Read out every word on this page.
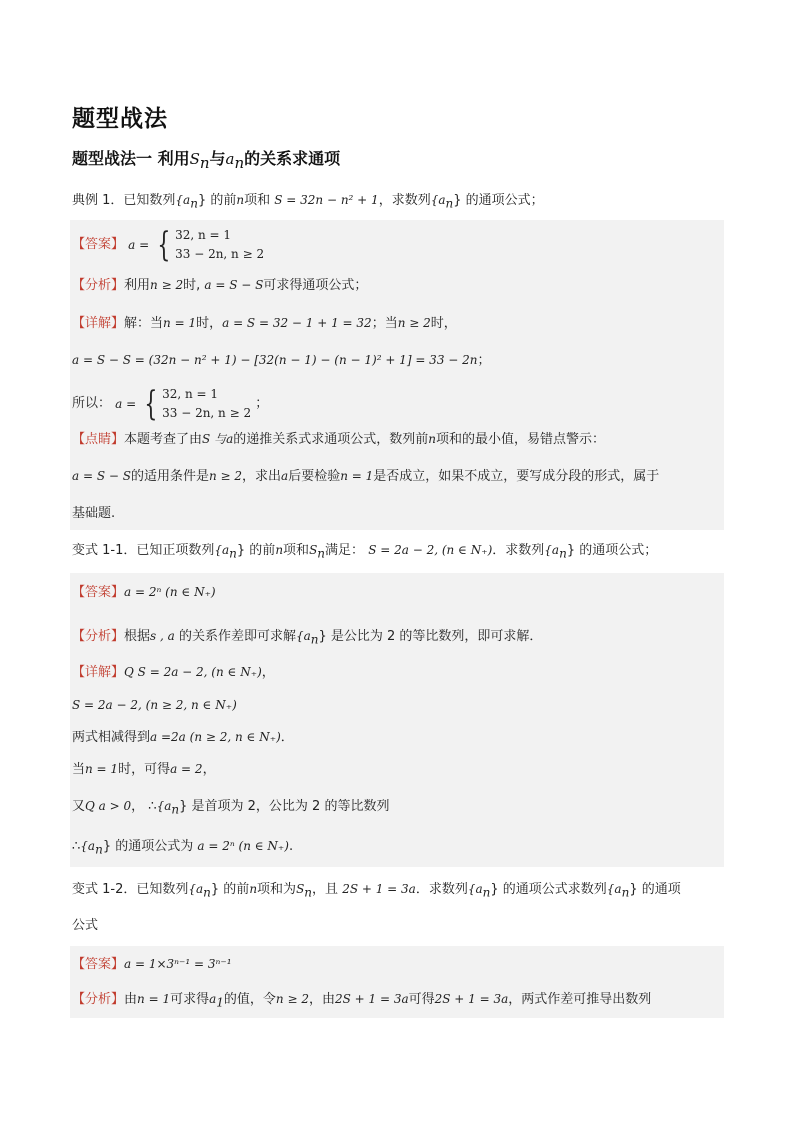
题型战法
题型战法一 利用$S_n$与$a_n$的关系求通项
典例 1．已知数列$\{a_n\}$ 的前n项和 S = 32n − n² + 1，求数列$\{a_n\}$ 的通项公式；
【答案】 a = { 32, n = 1
33 − 2n, n ≥ 2
【分析】利用n ≥ 2时, a = S − S可求得通项公式；
【详解】解：当n = 1时，a = S = 32 − 1 + 1 = 32；当n ≥ 2时，
a = S − S = (32n − n² + 1) − [32(n − 1) − (n − 1)² + 1] = 33 − 2n；
所以： a = { 32, n = 1
33 − 2n, n ≥ 2 ；
【点睛】本题考查了由S 与a的递推关系式求通项公式，数列前n项和的最小值，易错点警示：
a = S − S的适用条件是n ≥ 2，求出a后要检验n = 1是否成立，如果不成立，要写成分段的形式，属于
基础题.
变式 1-1．已知正项数列$\{a_n\}$ 的前n项和$S_n$满足： S = 2a − 2, (n ∈ N₊)．求数列$\{a_n\}$ 的通项公式；
【答案】a = 2ⁿ (n ∈ N₊)
【分析】根据s , a 的关系作差即可求解$\{a_n\}$ 是公比为 2 的等比数列，即可求解．
【详解】Q S = 2a − 2, (n ∈ N₊)，
S = 2a − 2, (n ≥ 2, n ∈ N₊)
两式相减得到a =2a (n ≥ 2, n ∈ N₊)．
当n = 1时，可得a = 2，
又Q a > 0， $\therefore\{a_n\}$ 是首项为 2，公比为 2 的等比数列
$\therefore\{a_n\}$ 的通项公式为 a = 2ⁿ (n ∈ N₊).
变式 1-2．已知数列$\{a_n\}$ 的前n项和为$S_n$，且 2S + 1 = 3a．求数列$\{a_n\}$ 的通项公式求数列$\{a_n\}$ 的通项
公式
【答案】a = 1×3ⁿ⁻¹ = 3ⁿ⁻¹
【分析】由n = 1可求得$a_1$的值，令n ≥ 2，由2S + 1 = 3a可得2S + 1 = 3a，两式作差可推导出数列
